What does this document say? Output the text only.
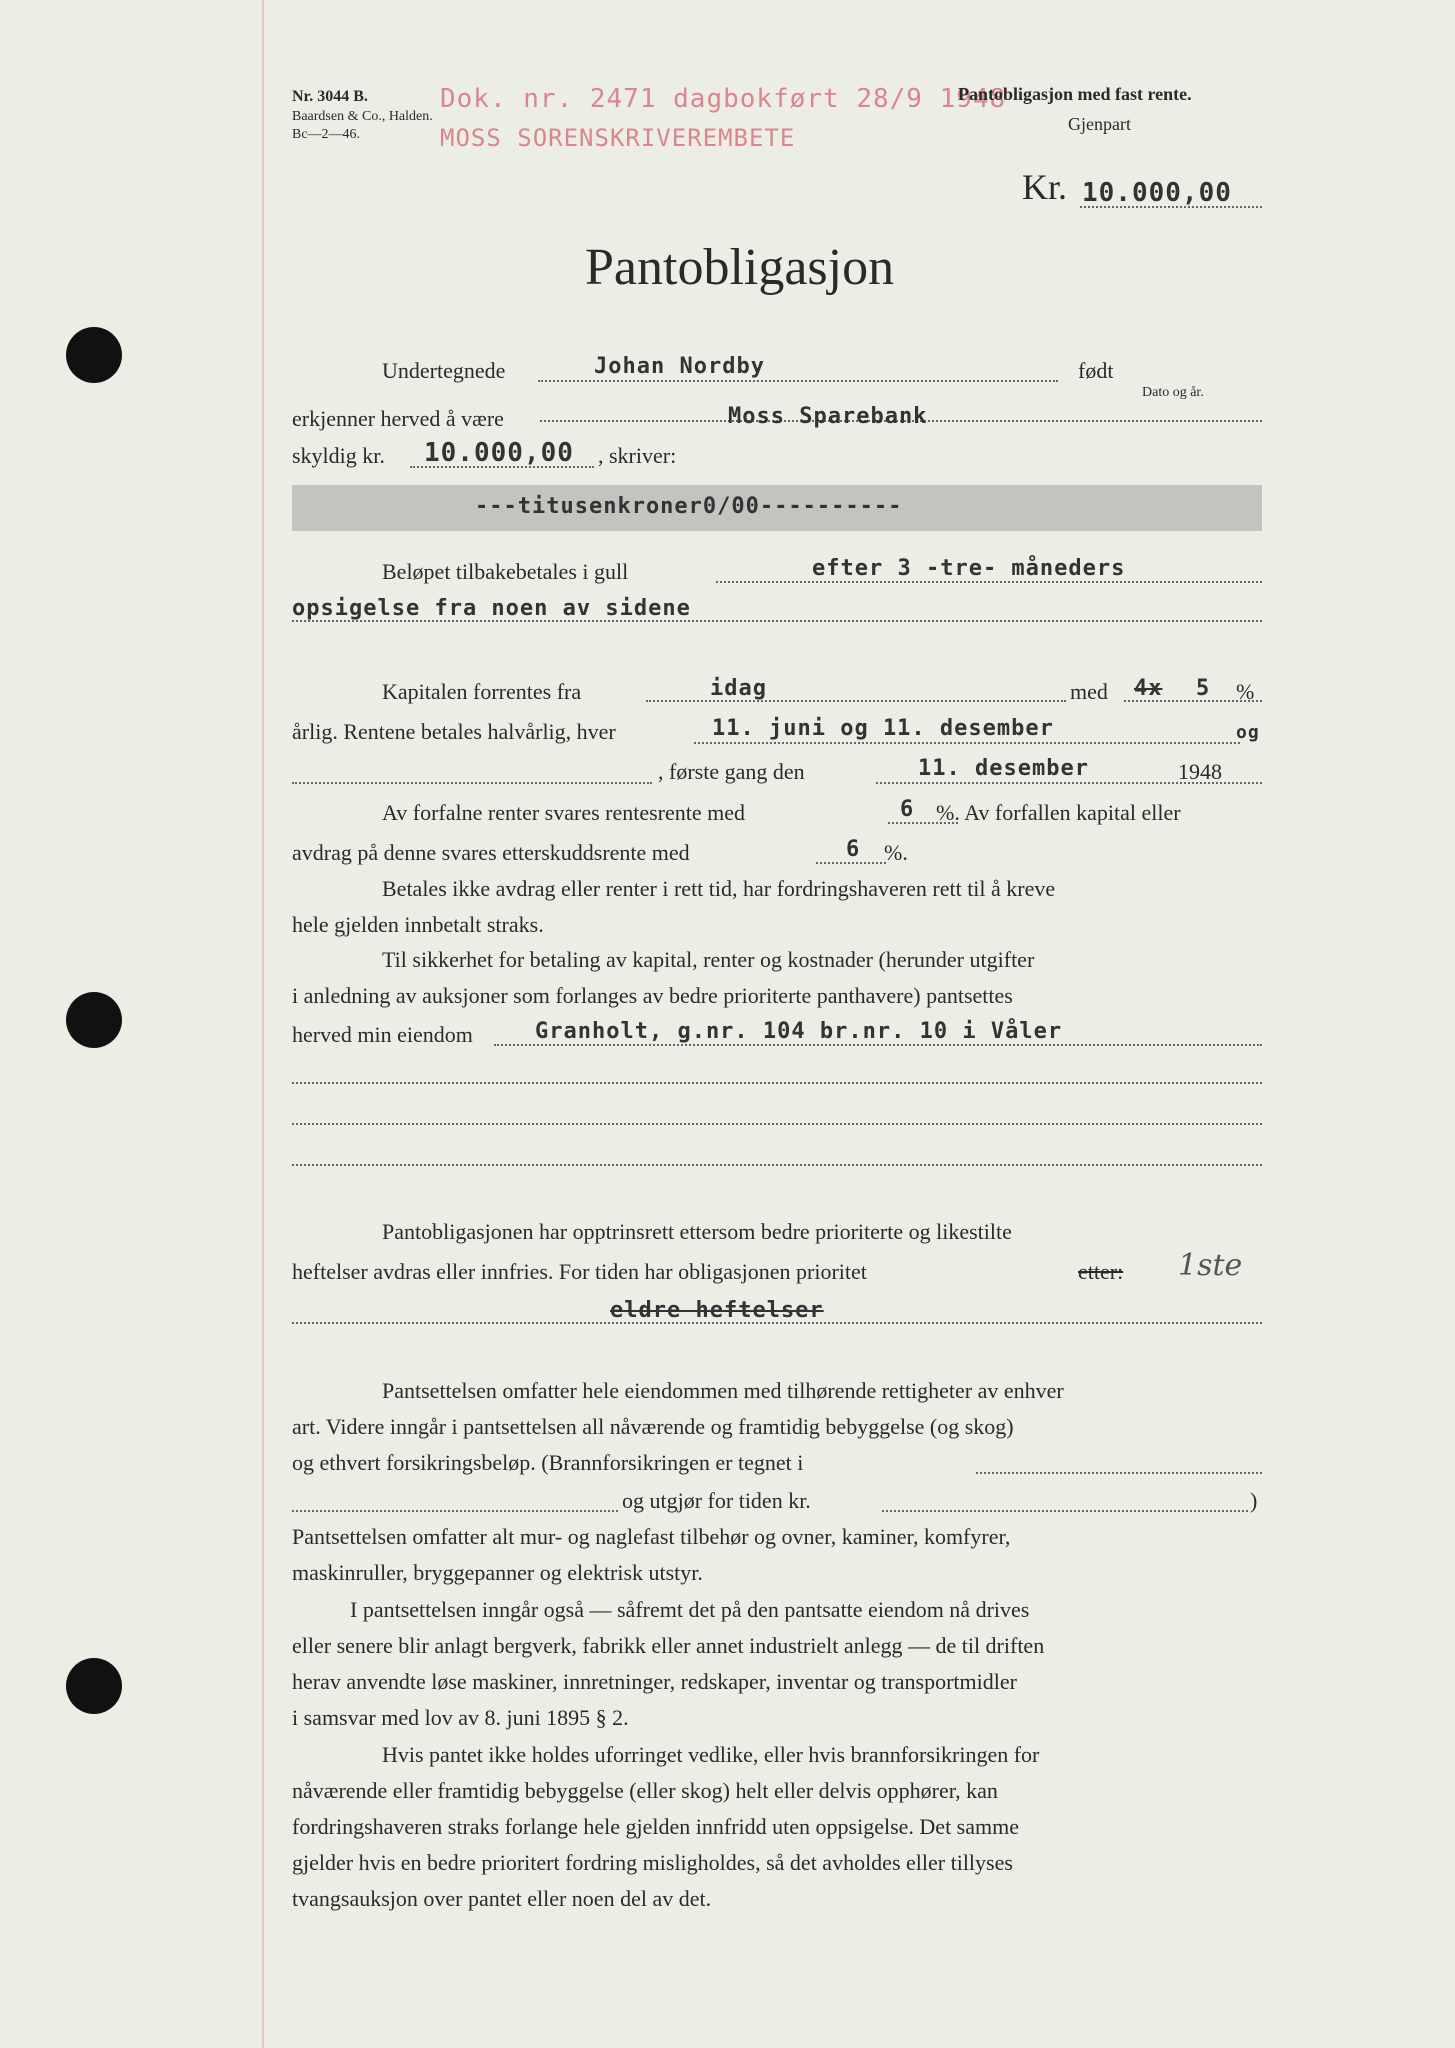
Nr. 3044 B.
Baardsen & Co., Halden.
Bc—2—46.
Dok. nr. 2471 dagbokført 28/9 1948
MOSS SORENSKRIVEREMBETE
Pantobligasjon med fast rente.
Gjenpart
Kr. 10.000,00
Pantobligasjon
Undertegnede	Johan Nordby	født
Dato og år.
erkjenner herved å være	Moss Sparebank
skyldig kr. 10.000,00 , skriver:
---titusenkroner0/00----------
Beløpet tilbakebetales i gull	efter 3 -tre- måneders
opsigelse fra noen av sidene
Kapitalen forrentes fra	idag	med 4x 5 %
årlig. Rentene betales halvårlig, hver	11. juni og 11. desember	og
, første gang den	11. desember	1948
Av forfalne renter svares rentesrente med	6 %. Av forfallen kapital eller
avdrag på denne svares etterskuddsrente med	6 %.
Betales ikke avdrag eller renter i rett tid, har fordringshaveren rett til å kreve
hele gjelden innbetalt straks.
Til sikkerhet for betaling av kapital, renter og kostnader (herunder utgifter
i anledning av auksjoner som forlanges av bedre prioriterte panthavere) pantsettes
herved min eiendom	Granholt, g.nr. 104 br.nr. 10 i Våler
Pantobligasjonen har opptrinsrett ettersom bedre prioriterte og likestilte
heftelser avdras eller innfries. For tiden har obligasjonen prioritet	etter: 1ste
eldre heftelser
Pantsettelsen omfatter hele eiendommen med tilhørende rettigheter av enhver
art. Videre inngår i pantsettelsen all nåværende og framtidig bebyggelse (og skog)
og ethvert forsikringsbeløp. (Brannforsikringen er tegnet i
og utgjør for tiden kr.	)
Pantsettelsen omfatter alt mur- og naglefast tilbehør og ovner, kaminer, komfyrer,
maskinruller, bryggepanner og elektrisk utstyr.
I pantsettelsen inngår også — såfremt det på den pantsatte eiendom nå drives
eller senere blir anlagt bergverk, fabrikk eller annet industrielt anlegg — de til driften
herav anvendte løse maskiner, innretninger, redskaper, inventar og transportmidler
i samsvar med lov av 8. juni 1895 § 2.
Hvis pantet ikke holdes uforringet vedlike, eller hvis brannforsikringen for
nåværende eller framtidig bebyggelse (eller skog) helt eller delvis opphører, kan
fordringshaveren straks forlange hele gjelden innfridd uten oppsigelse. Det samme
gjelder hvis en bedre prioritert fordring misligholdes, så det avholdes eller tillyses
tvangsauksjon over pantet eller noen del av det.
